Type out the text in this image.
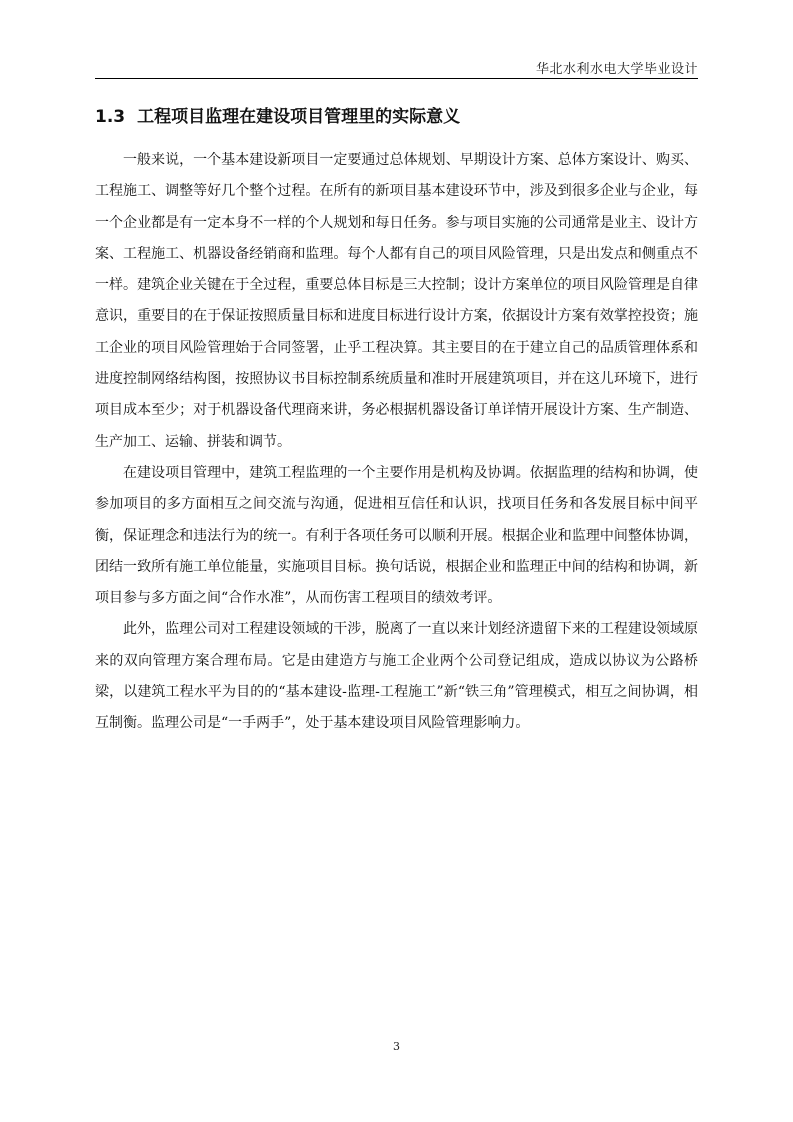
华北水利水电大学毕业设计
1.3 工程项目监理在建设项目管理里的实际意义

一般来说，一个基本建设新项目一定要通过总体规划、早期设计方案、总体方案设计、购买、工程施工、调整等好几个整个过程。在所有的新项目基本建设环节中，涉及到很多企业与企业，每一个企业都是有一定本身不一样的个人规划和每日任务。参与项目实施的公司通常是业主、设计方案、工程施工、机器设备经销商和监理。每个人都有自己的项目风险管理，只是出发点和侧重点不一样。建筑企业关键在于全过程，重要总体目标是三大控制；设计方案单位的项目风险管理是自律意识，重要目的在于保证按照质量目标和进度目标进行设计方案，依据设计方案有效掌控投资；施工企业的项目风险管理始于合同签署，止乎工程决算。其主要目的在于建立自己的品质管理体系和进度控制网络结构图，按照协议书目标控制系统质量和准时开展建筑项目，并在这儿环境下，进行项目成本至少；对于机器设备代理商来讲，务必根据机器设备订单详情开展设计方案、生产制造、生产加工、运输、拼装和调节。

在建设项目管理中，建筑工程监理的一个主要作用是机构及协调。依据监理的结构和协调，使参加项目的多方面相互之间交流与沟通，促进相互信任和认识，找项目任务和各发展目标中间平衡，保证理念和违法行为的统一。有利于各项任务可以顺利开展。根据企业和监理中间整体协调，团结一致所有施工单位能量，实施项目目标。换句话说，根据企业和监理正中间的结构和协调，新项目参与多方面之间“合作水准”，从而伤害工程项目的绩效考评。

此外，监理公司对工程建设领域的干涉，脱离了一直以来计划经济遗留下来的工程建设领域原来的双向管理方案合理布局。它是由建造方与施工企业两个公司登记组成，造成以协议为公路桥梁，以建筑工程水平为目的的“基本建设-监理-工程施工”新“铁三角”管理模式，相互之间协调，相互制衡。监理公司是“一手两手”，处于基本建设项目风险管理影响力。

3
